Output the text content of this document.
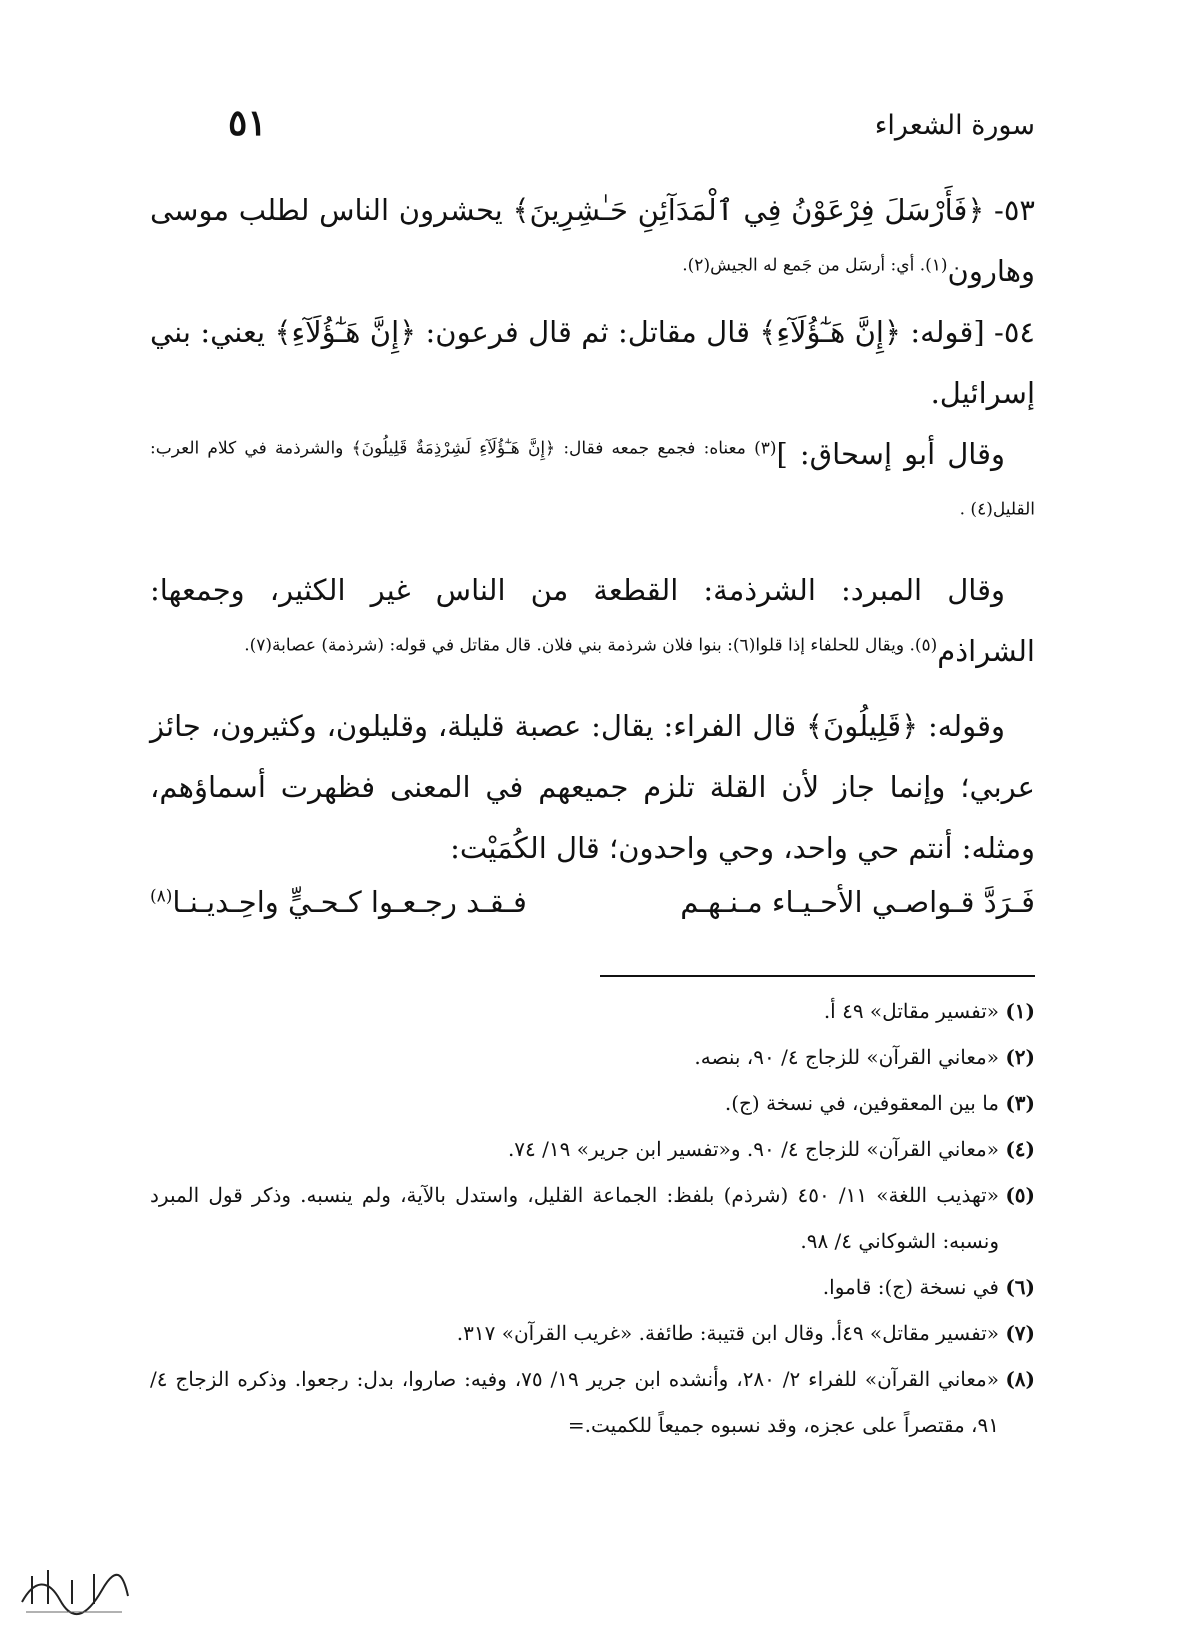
٥١	سورة الشعراء

٥٣- ﴿فَأَرْسَلَ فِرْعَوْنُ فِي ٱلْمَدَآئِنِ حَـٰشِرِينَ﴾ يحشرون الناس لطلب موسى وهارون$^{(١). أي: أرسَل من جَمع له الجيش(٢).}$

٥٤- [قوله: ﴿إِنَّ هَـٰٓؤُلَآءِ﴾ قال مقاتل: ثم قال فرعون: ﴿إِنَّ هَـٰٓؤُلَآءِ﴾ يعني: بني إسرائيل.

وقال أبو إسحاق: ]$^{(٣) معناه: فجمع جمعه فقال: ﴿إِنَّ هَـٰٓؤُلَآءِ لَشِرْذِمَةٌ قَلِيلُونَ﴾ والشرذمة في كلام العرب: القليل(٤) .}$

وقال المبرد: الشرذمة: القطعة من الناس غير الكثير، وجمعها: الشراذم$^{(٥). ويقال للحلفاء إذا قلوا(٦): بنوا فلان شرذمة بني فلان. قال مقاتل في قوله: (شرذمة) عصابة(٧).}$

وقوله: ﴿قَلِيلُونَ﴾ قال الفراء: يقال: عصبة قليلة، وقليلون، وكثيرون، جائز عربي؛ وإنما جاز لأن القلة تلزم جميعهم في المعنى فظهرت أسماؤهم، ومثله: أنتم حي واحد، وحي واحدون؛ قال الكُمَيْت:

فَـرَدَّ قـواصـي الأحـيـاء مـنـهـم
فـقـد رجـعـوا كـحـيٍّ واحِـديـنـا$^{(٨)}$
(١)
«تفسير مقاتل» ٤٩ أ.
(٢)
«معاني القرآن» للزجاج ٤/ ٩٠، بنصه.
(٣)
ما بين المعقوفين، في نسخة (ج).
(٤)
«معاني القرآن» للزجاج ٤/ ٩٠. و«تفسير ابن جرير» ١٩/ ٧٤.
(٥)
«تهذيب اللغة» ١١/ ٤٥٠ (شرذم) بلفظ: الجماعة القليل، واستدل بالآية، ولم ينسبه. وذكر قول المبرد ونسبه: الشوكاني ٤/ ٩٨.
(٦)
في نسخة (ج): قاموا.
(٧)
«تفسير مقاتل» ٤٩أ. وقال ابن قتيبة: طائفة. «غريب القرآن» ٣١٧.
(٨)
«معاني القرآن» للفراء ٢/ ٢٨٠، وأنشده ابن جرير ١٩/ ٧٥، وفيه: صاروا، بدل: رجعوا. وذكره الزجاج ٤/ ٩١، مقتصراً على عجزه، وقد نسبوه جميعاً للكميت.=
